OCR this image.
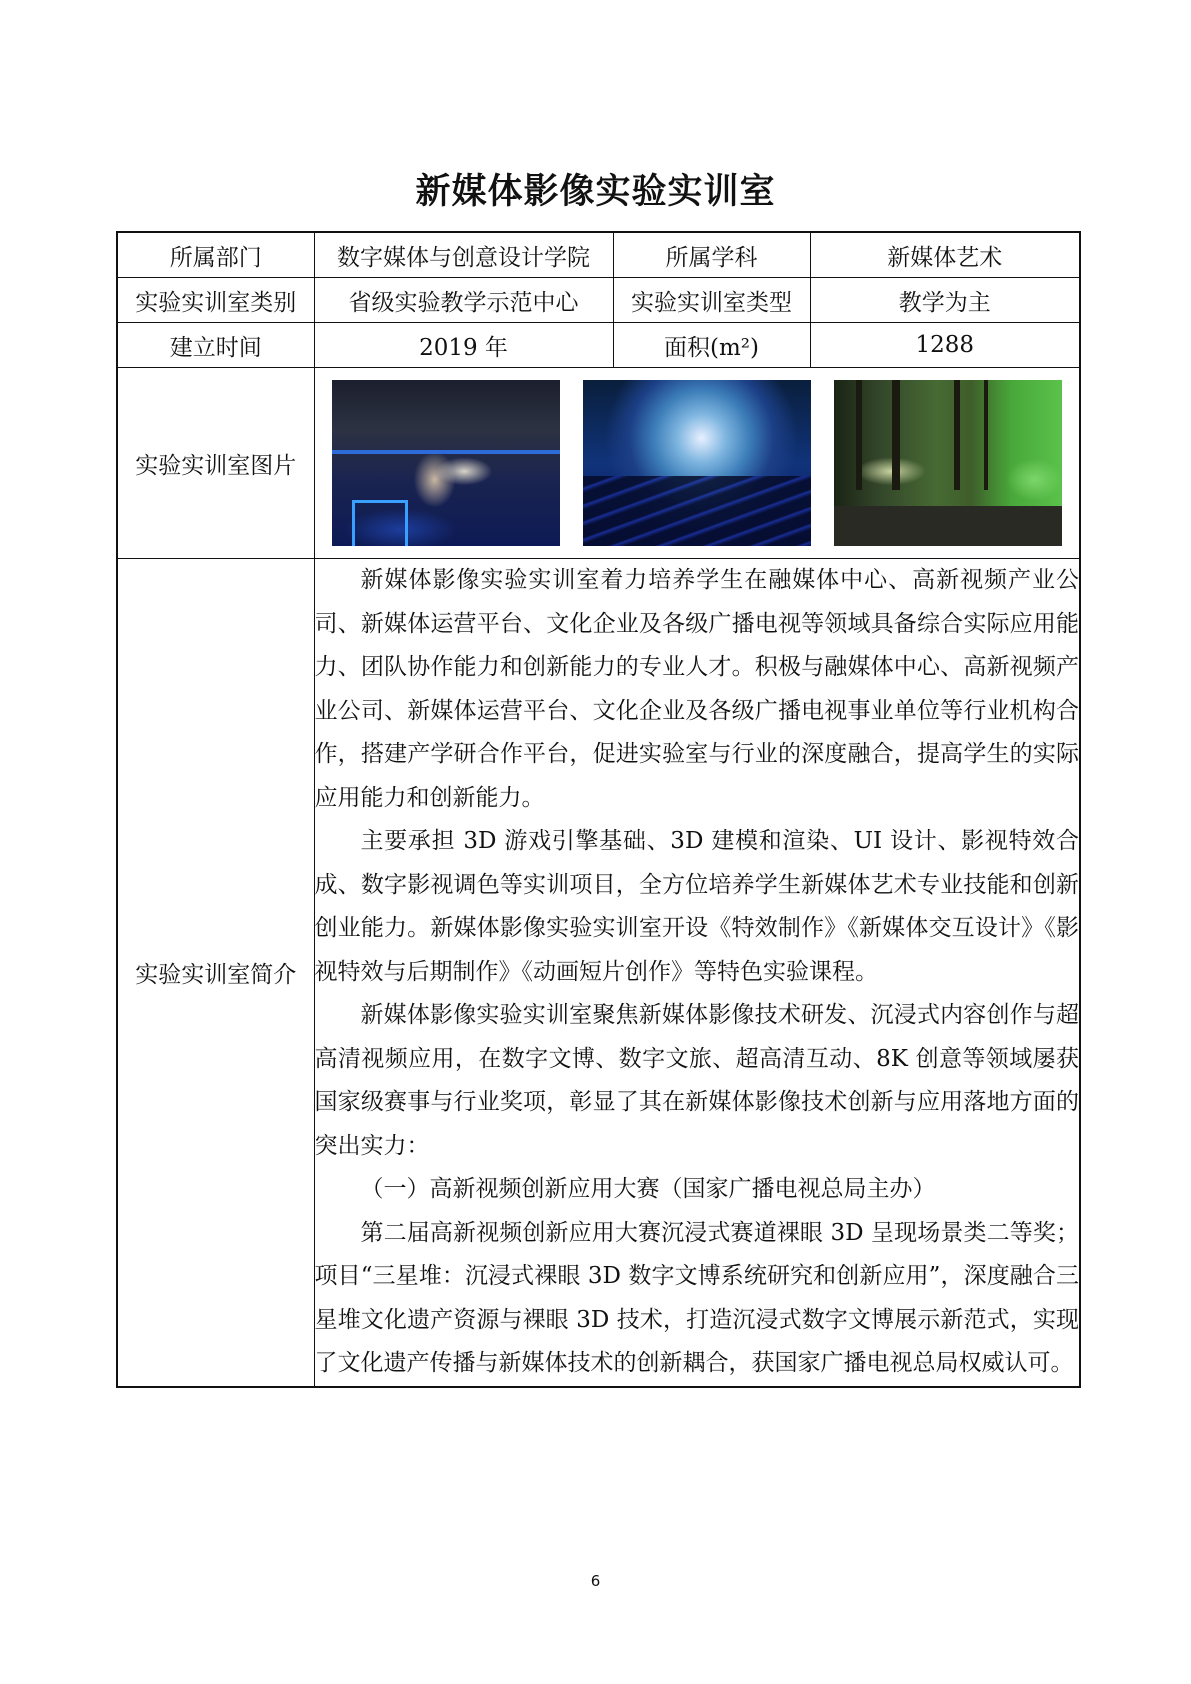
新媒体影像实验实训室
所属部门	数字媒体与创意设计学院	所属学科	新媒体艺术
实验实训室类别	省级实验教学示范中心	实验实训室类型	教学为主
建立时间	2019 年	面积(m²)	1288
实验实训室图片			

实验实训室简介	新媒体影像实验实训室着力培养学生在融媒体中心、高新视频产业公司、新媒体运营平台、文化企业及各级广播电视等领域具备综合实际应用能力、团队协作能力和创新能力的专业人才。积极与融媒体中心、高新视频产业公司、新媒体运营平台、文化企业及各级广播电视事业单位等行业机构合作，搭建产学研合作平台，促进实验室与行业的深度融合，提高学生的实际应用能力和创新能力。

主要承担 3D 游戏引擎基础、3D 建模和渲染、UI 设计、影视特效合成、数字影视调色等实训项目，全方位培养学生新媒体艺术专业技能和创新创业能力。新媒体影像实验实训室开设《特效制作》《新媒体交互设计》《影视特效与后期制作》《动画短片创作》等特色实验课程。

新媒体影像实验实训室聚焦新媒体影像技术研发、沉浸式内容创作与超高清视频应用，在数字文博、数字文旅、超高清互动、8K 创意等领域屡获国家级赛事与行业奖项，彰显了其在新媒体影像技术创新与应用落地方面的突出实力：

（一）高新视频创新应用大赛（国家广播电视总局主办）

第二届高新视频创新应用大赛沉浸式赛道裸眼 3D 呈现场景类二等奖；项目“三星堆：沉浸式裸眼 3D 数字文博系统研究和创新应用”，深度融合三星堆文化遗产资源与裸眼 3D 技术，打造沉浸式数字文博展示新范式，实现了文化遗产传播与新媒体技术的创新耦合，获国家广播电视总局权威认可。		

6
